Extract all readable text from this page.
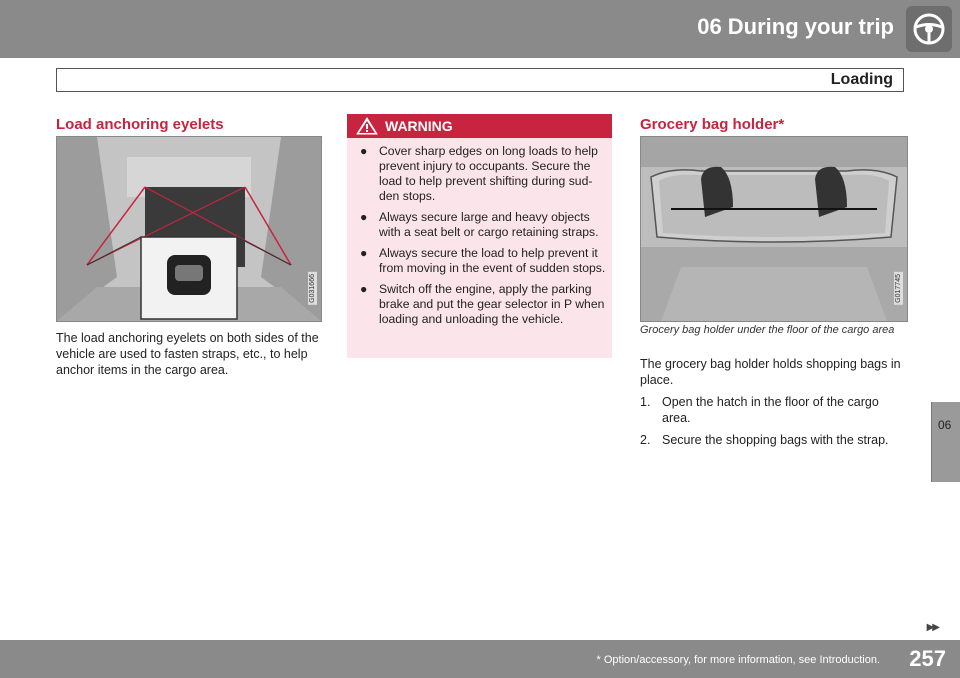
06 During your trip
Loading
06
Load anchoring eyelets
G031666
The load anchoring eyelets on both sides of the vehicle are used to fasten straps, etc., to help anchor items in the cargo area.
WARNING
● Cover sharp edges on long loads to help prevent injury to occupants. Secure the load to help prevent shifting during sud-den stops.
● Always secure large and heavy objects with a seat belt or cargo retaining straps.
● Always secure the load to help prevent it from moving in the event of sudden stops.
● Switch off the engine, apply the parking brake and put the gear selector in P when loading and unloading the vehicle.
Grocery bag holder*
G017745
Grocery bag holder under the floor of the cargo area
The grocery bag holder holds shopping bags in place.
1. Open the hatch in the floor of the cargo area.
2. Secure the shopping bags with the strap.
▶▶
* Option/accessory, for more information, see Introduction. 257
